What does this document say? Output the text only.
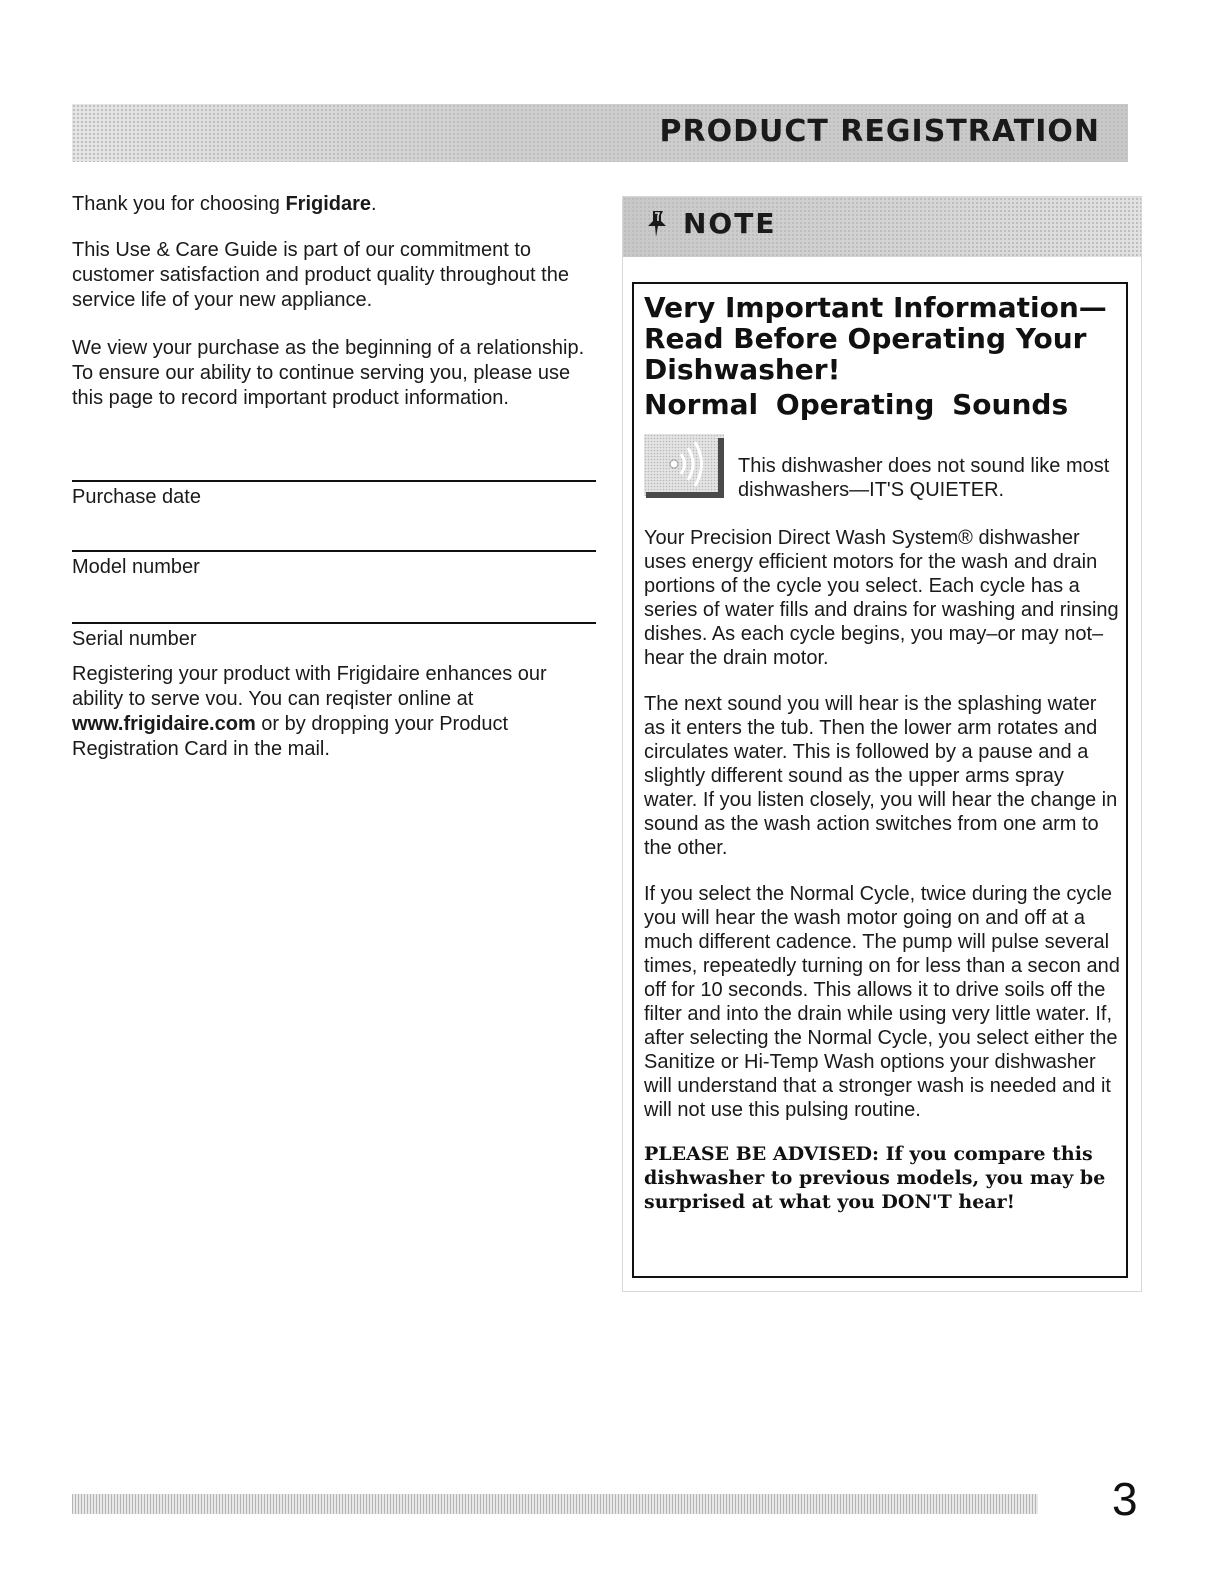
PRODUCT REGISTRATION

Thank you for choosing Frigidare.

This Use & Care Guide is part of our commitment to customer satisfaction and product quality throughout the service life of your new appliance.

We view your purchase as the beginning of a relationship. To ensure our ability to continue serving you, please use this page to record important product information.

Purchase date
Model number
Serial number

Registering your product with Frigidaire enhances our ability to serve vou. You can reqister online at www.frigidaire.com or by dropping your Product Registration Card in the mail.

NOTE
Very Important Information— Read Before Operating Your Dishwasher!
Normal Operating Sounds

This dishwasher does not sound like most dishwashers—IT'S QUIETER.

Your Precision Direct Wash System® dishwasher uses energy efficient motors for the wash and drain portions of the cycle you select. Each cycle has a series of water fills and drains for washing and rinsing dishes. As each cycle begins, you may–or may not– hear the drain motor.

The next sound you will hear is the splashing water as it enters the tub. Then the lower arm rotates and circulates water. This is followed by a pause and a slightly different sound as the upper arms spray water. If you listen closely, you will hear the change in sound as the wash action switches from one arm to the other.

If you select the Normal Cycle, twice during the cycle you will hear the wash motor going on and off at a much different cadence. The pump will pulse several times, repeatedly turning on for less than a secon and off for 10 seconds. This allows it to drive soils off the filter and into the drain while using very little water. If, after selecting the Normal Cycle, you select either the Sanitize or Hi-Temp Wash options your dishwasher will understand that a stronger wash is needed and it will not use this pulsing routine.

PLEASE BE ADVISED: If you compare this dishwasher to previous models, you may be surprised at what you DON'T hear!

3
